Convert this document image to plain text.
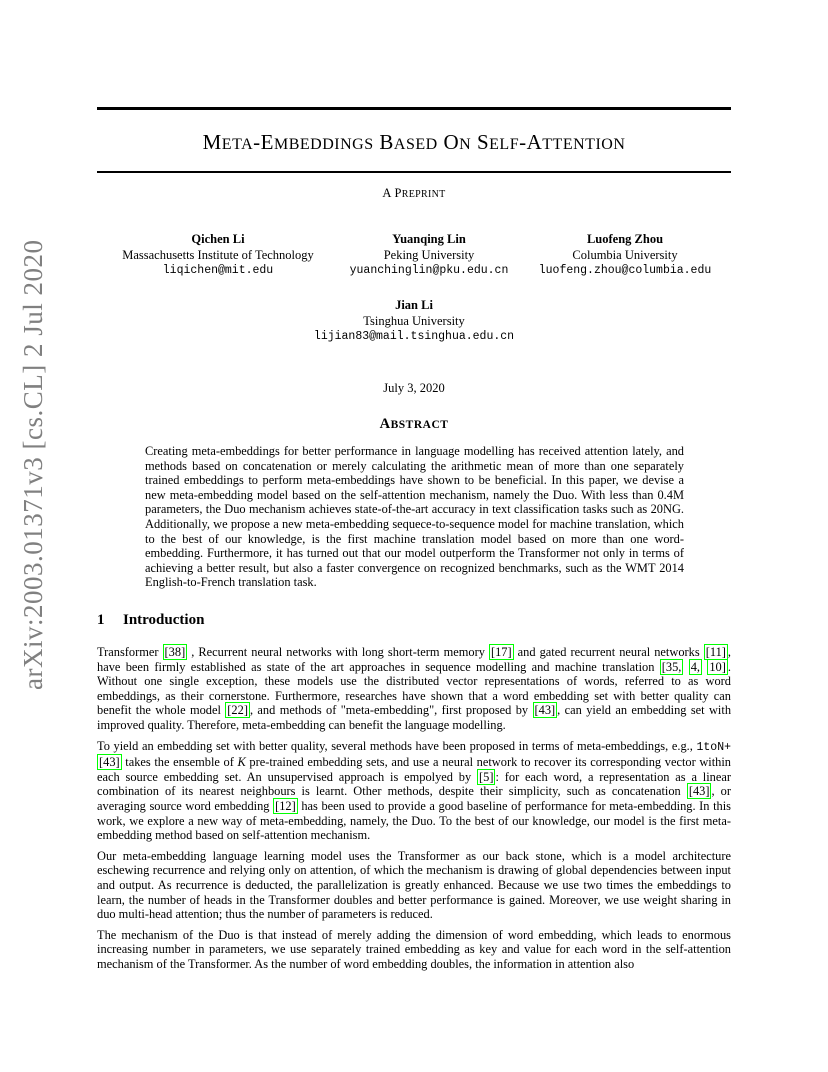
arXiv:2003.01371v3 [cs.CL] 2 Jul 2020
META-EMBEDDINGS BASED ON SELF-ATTENTION
A PREPRINT
Qichen Li
Massachusetts Institute of Technology
liqichen@mit.edu
Yuanqing Lin
Peking University
yuanchinglin@pku.edu.cn
Luofeng Zhou
Columbia University
luofeng.zhou@columbia.edu
Jian Li
Tsinghua University
lijian83@mail.tsinghua.edu.cn
July 3, 2020
ABSTRACT
Creating meta-embeddings for better performance in language modelling has received attention lately, and methods based on concatenation or merely calculating the arithmetic mean of more than one separately trained embeddings to perform meta-embeddings have shown to be beneficial. In this paper, we devise a new meta-embedding model based on the self-attention mechanism, namely the Duo. With less than 0.4M parameters, the Duo mechanism achieves state-of-the-art accuracy in text classification tasks such as 20NG. Additionally, we propose a new meta-embedding sequece-to-sequence model for machine translation, which to the best of our knowledge, is the first machine translation model based on more than one word-embedding. Furthermore, it has turned out that our model outperform the Transformer not only in terms of achieving a better result, but also a faster convergence on recognized benchmarks, such as the WMT 2014 English-to-French translation task.
1 Introduction

Transformer [38] , Recurrent neural networks with long short-term memory [17] and gated recurrent neural networks [11] , have been firmly established as state of the art approaches in sequence modelling and machine translation [35, 4, 10] . Without one single exception, these models use the distributed vector representations of words, referred to as word embeddings, as their cornerstone. Furthermore, researches have shown that a word embedding set with better quality can benefit the whole model [22] , and methods of "meta-embedding", first proposed by [43] , can yield an embedding set with improved quality. Therefore, meta-embedding can benefit the language modelling.

To yield an embedding set with better quality, several methods have been proposed in terms of meta-embeddings, e.g., 1toN+ [43] takes the ensemble of K pre-trained embedding sets, and use a neural network to recover its corresponding vector within each source embedding set. An unsupervised approach is empolyed by [5] : for each word, a representation as a linear combination of its nearest neighbours is learnt. Other methods, despite their simplicity, such as concatenation [43] , or averaging source word embedding [12] has been used to provide a good baseline of performance for meta-embedding. In this work, we explore a new way of meta-embedding, namely, the Duo. To the best of our knowledge, our model is the first meta-embedding method based on self-attention mechanism.

Our meta-embedding language learning model uses the Transformer as our back stone, which is a model architecture eschewing recurrence and relying only on attention, of which the mechanism is drawing of global dependencies between input and output. As recurrence is deducted, the parallelization is greatly enhanced. Because we use two times the embeddings to learn, the number of heads in the Transformer doubles and better performance is gained. Moreover, we use weight sharing in duo multi-head attention; thus the number of parameters is reduced.

The mechanism of the Duo is that instead of merely adding the dimension of word embedding, which leads to enormous increasing number in parameters, we use separately trained embedding as key and value for each word in the self-attention mechanism of the Transformer. As the number of word embedding doubles, the information in attention also
